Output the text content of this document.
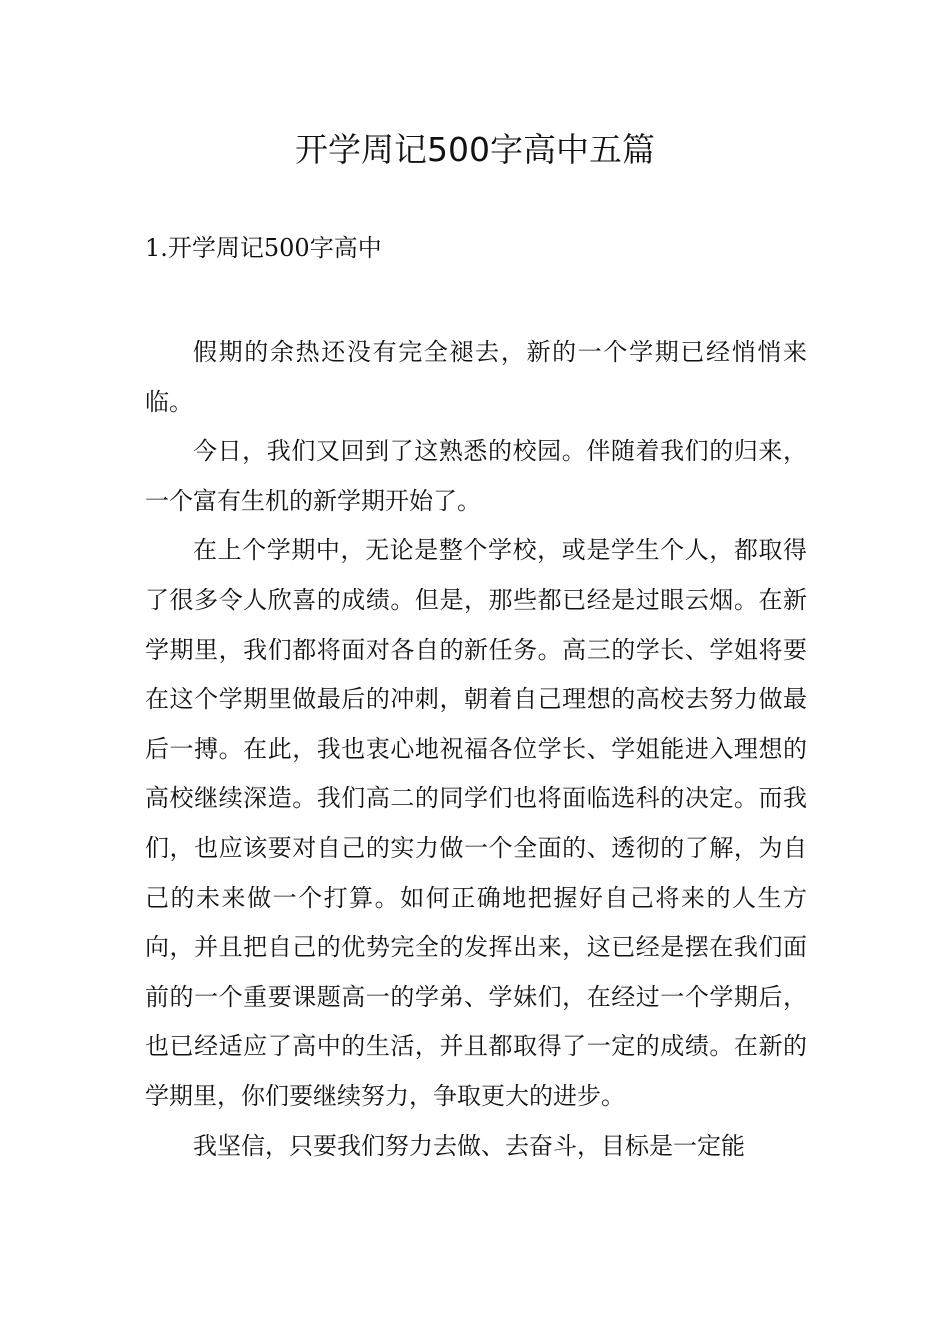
开学周记500字高中五篇
1.开学周记500字高中

假期的余热还没有完全褪去，新的一个学期已经悄悄来临。

今日，我们又回到了这熟悉的校园。伴随着我们的归来，一个富有生机的新学期开始了。

在上个学期中，无论是整个学校，或是学生个人，都取得了很多令人欣喜的成绩。但是，那些都已经是过眼云烟。在新学期里，我们都将面对各自的新任务。高三的学长、学姐将要在这个学期里做最后的冲刺，朝着自己理想的高校去努力做最后一搏。在此，我也衷心地祝福各位学长、学姐能进入理想的高校继续深造。我们高二的同学们也将面临选科的决定。而我们，也应该要对自己的实力做一个全面的、透彻的了解，为自己的未来做一个打算。如何正确地把握好自己将来的人生方向，并且把自己的优势完全的发挥出来，这已经是摆在我们面前的一个重要课题高一的学弟、学妹们，在经过一个学期后，也已经适应了高中的生活，并且都取得了一定的成绩。在新的学期里，你们要继续努力，争取更大的进步。

我坚信，只要我们努力去做、去奋斗，目标是一定能
